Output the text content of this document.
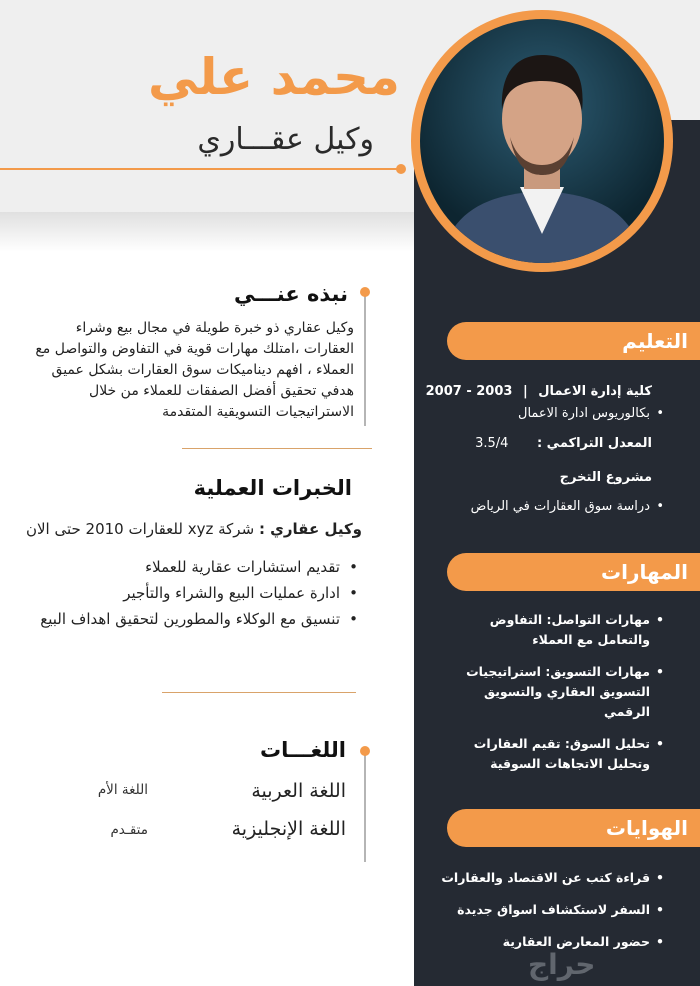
محمد علي
وكيل عقـــاري
التعليم
كلية إدارة الاعمال | 2007 - 2003
• بكالوريوس ادارة الاعمال
المعدل التراكمي : 3.5/4
مشروع التخرج
• دراسة سوق العقارات في الرياض
المهارات
• مهارات التواصل: التفاوض والتعامل مع العملاء
• مهارات التسويق: استراتيجيات التسويق العقاري والتسويق الرقمي
• تحليل السوق: تقيم العقارات وتحليل الاتجاهات السوقية
الهوايات
• قراءة كتب عن الاقتصاد والعقارات
• السفر لاستكشاف اسواق جديدة
• حضور المعارض العقارية
نبذه عنـــي

وكيل عقاري ذو خبرة طويلة في مجال بيع وشراء العقارات ،امتلك مهارات قوية في التفاوض والتواصل مع العملاء ، افهم ديناميكات سوق العقارات بشكل عميق هدفي تحقيق أفضل الصفقات للعملاء من خلال الاستراتيجيات التسويقية المتقدمة

الخبرات العملية
وكيل عقاري : شركة xyz للعقارات 2010 حتى الان
• تقديم استشارات عقارية للعملاء
• ادارة عمليات البيع والشراء والتأجير
• تنسيق مع الوكلاء والمطورين لتحقيق اهداف البيع
اللغـــات
اللغة العربية
اللغة الأم
اللغة الإنجليزية
متقـدم
حراج
